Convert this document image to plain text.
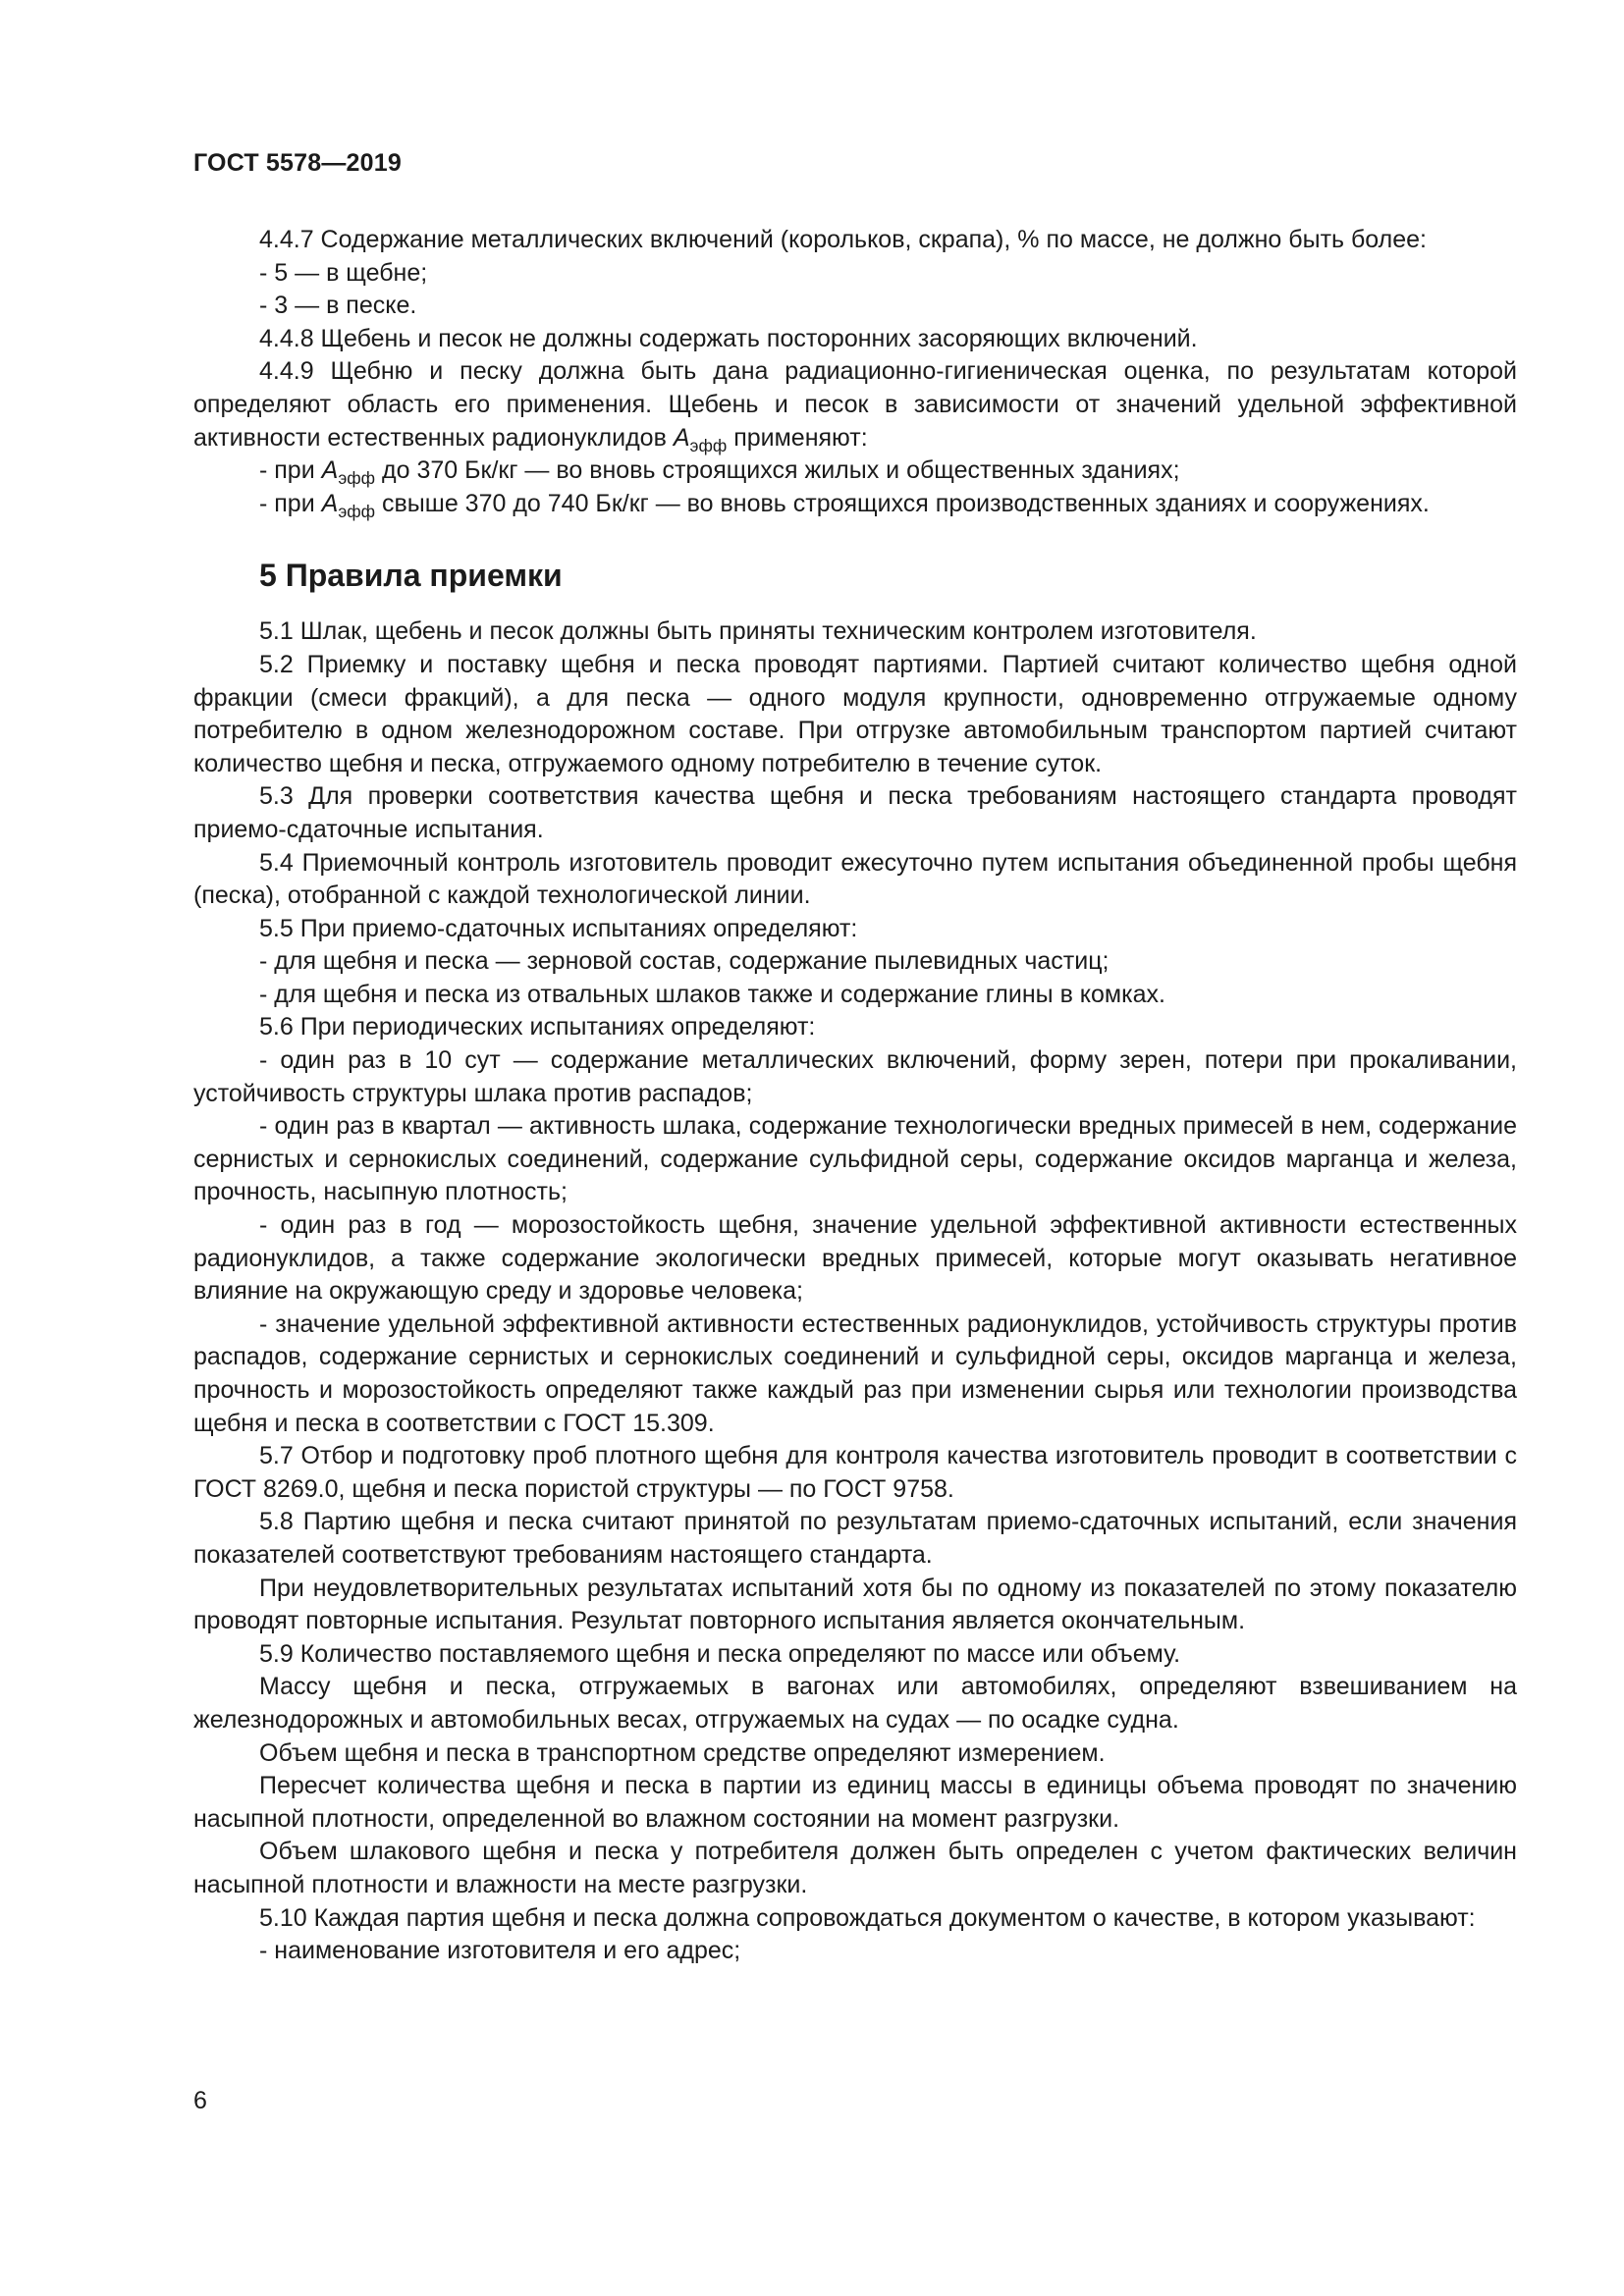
ГОСТ 5578—2019

4.4.7 Содержание металлических включений (корольков, скрапа), % по массе, не должно быть более:

- 5 — в щебне;

- 3 — в песке.

4.4.8 Щебень и песок не должны содержать посторонних засоряющих включений.

4.4.9 Щебню и песку должна быть дана радиационно-гигиеническая оценка, по результатам которой определяют область его применения. Щебень и песок в зависимости от значений удельной эффективной активности естественных радионуклидов $A_{эфф}$ применяют:

- при $A_{эфф}$ до 370 Бк/кг — во вновь строящихся жилых и общественных зданиях;

- при $A_{эфф}$ свыше 370 до 740 Бк/кг — во вновь строящихся производственных зданиях и сооружениях.

5 Правила приемки

5.1 Шлак, щебень и песок должны быть приняты техническим контролем изготовителя.

5.2 Приемку и поставку щебня и песка проводят партиями. Партией считают количество щебня одной фракции (смеси фракций), а для песка — одного модуля крупности, одновременно отгружаемые одному потребителю в одном железнодорожном составе. При отгрузке автомобильным транспортом партией считают количество щебня и песка, отгружаемого одному потребителю в течение суток.

5.3 Для проверки соответствия качества щебня и песка требованиям настоящего стандарта проводят приемо-сдаточные испытания.

5.4 Приемочный контроль изготовитель проводит ежесуточно путем испытания объединенной пробы щебня (песка), отобранной с каждой технологической линии.

5.5 При приемо-сдаточных испытаниях определяют:

- для щебня и песка — зерновой состав, содержание пылевидных частиц;

- для щебня и песка из отвальных шлаков также и содержание глины в комках.

5.6 При периодических испытаниях определяют:

- один раз в 10 сут — содержание металлических включений, форму зерен, потери при прокаливании, устойчивость структуры шлака против распадов;

- один раз в квартал — активность шлака, содержание технологически вредных примесей в нем, содержание сернистых и сернокислых соединений, содержание сульфидной серы, содержание оксидов марганца и железа, прочность, насыпную плотность;

- один раз в год — морозостойкость щебня, значение удельной эффективной активности естественных радионуклидов, а также содержание экологически вредных примесей, которые могут оказывать негативное влияние на окружающую среду и здоровье человека;

- значение удельной эффективной активности естественных радионуклидов, устойчивость структуры против распадов, содержание сернистых и сернокислых соединений и сульфидной серы, оксидов марганца и железа, прочность и морозостойкость определяют также каждый раз при изменении сырья или технологии производства щебня и песка в соответствии с ГОСТ 15.309.

5.7 Отбор и подготовку проб плотного щебня для контроля качества изготовитель проводит в соответствии с ГОСТ 8269.0, щебня и песка пористой структуры — по ГОСТ 9758.

5.8 Партию щебня и песка считают принятой по результатам приемо-сдаточных испытаний, если значения показателей соответствуют требованиям настоящего стандарта.

При неудовлетворительных результатах испытаний хотя бы по одному из показателей по этому показателю проводят повторные испытания. Результат повторного испытания является окончательным.

5.9 Количество поставляемого щебня и песка определяют по массе или объему.

Массу щебня и песка, отгружаемых в вагонах или автомобилях, определяют взвешиванием на железнодорожных и автомобильных весах, отгружаемых на судах — по осадке судна.

Объем щебня и песка в транспортном средстве определяют измерением.

Пересчет количества щебня и песка в партии из единиц массы в единицы объема проводят по значению насыпной плотности, определенной во влажном состоянии на момент разгрузки.

Объем шлакового щебня и песка у потребителя должен быть определен с учетом фактических величин насыпной плотности и влажности на месте разгрузки.

5.10 Каждая партия щебня и песка должна сопровождаться документом о качестве, в котором указывают:

- наименование изготовителя и его адрес;

6
